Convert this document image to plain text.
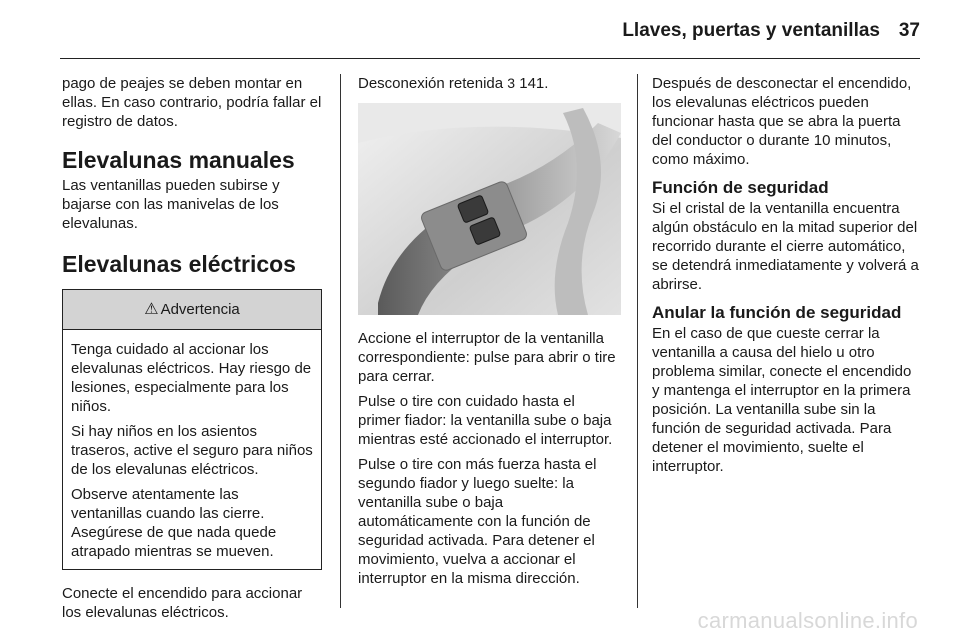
Llaves, puertas y ventanillas 37

pago de peajes se deben montar en ellas. En caso contrario, podría fallar el registro de datos.

Elevalunas manuales

Las ventanillas pueden subirse y bajarse con las manivelas de los elevalunas.

Elevalunas eléctricos
⚠ Advertencia

Tenga cuidado al accionar los elevalunas eléctricos. Hay riesgo de lesiones, especialmente para los niños.

Si hay niños en los asientos traseros, active el seguro para niños de los elevalunas eléctricos.

Observe atentamente las ventanillas cuando las cierre. Asegúrese de que nada quede atrapado mientras se mueven.

Conecte el encendido para accionar los elevalunas eléctricos.

Desconexión retenida 3 141.

Accione el interruptor de la ventanilla correspondiente: pulse para abrir o tire para cerrar.

Pulse o tire con cuidado hasta el primer fiador: la ventanilla sube o baja mientras esté accionado el interruptor.

Pulse o tire con más fuerza hasta el segundo fiador y luego suelte: la ventanilla sube o baja automáticamente con la función de seguridad activada. Para detener el movimiento, vuelva a accionar el interruptor en la misma dirección.

Después de desconectar el encendido, los elevalunas eléctricos pueden funcionar hasta que se abra la puerta del conductor o durante 10 minutos, como máximo.

Función de seguridad

Si el cristal de la ventanilla encuentra algún obstáculo en la mitad superior del recorrido durante el cierre automático, se detendrá inmediatamente y volverá a abrirse.

Anular la función de seguridad

En el caso de que cueste cerrar la ventanilla a causa del hielo u otro problema similar, conecte el encendido y mantenga el interruptor en la primera posición. La ventanilla sube sin la función de seguridad activada. Para detener el movimiento, suelte el interruptor.

carmanualsonline.info
